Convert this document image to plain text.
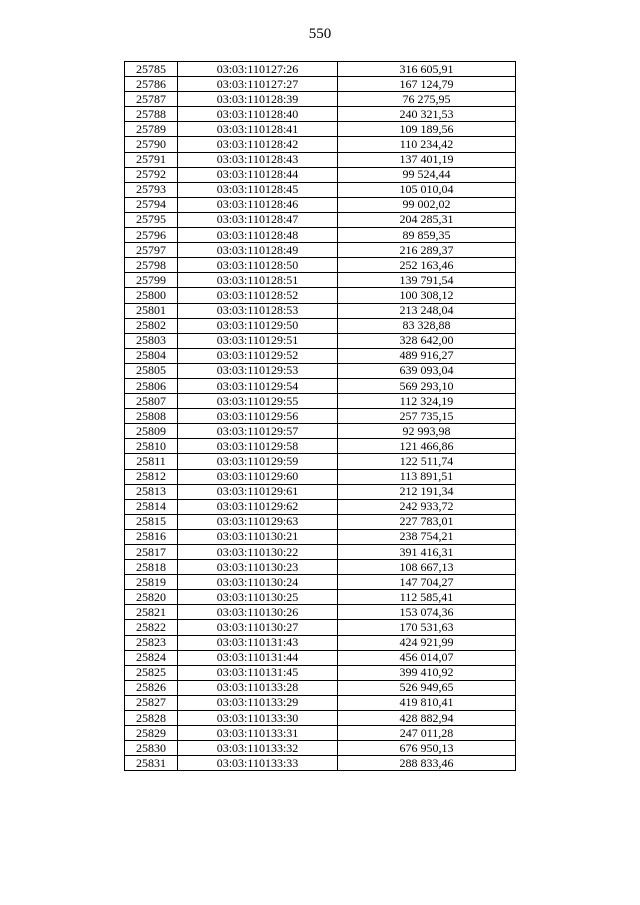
550
25785	03:03:110127:26	316 605,91
25786	03:03:110127:27	167 124,79
25787	03:03:110128:39	76 275,95
25788	03:03:110128:40	240 321,53
25789	03:03:110128:41	109 189,56
25790	03:03:110128:42	110 234,42
25791	03:03:110128:43	137 401,19
25792	03:03:110128:44	99 524,44
25793	03:03:110128:45	105 010,04
25794	03:03:110128:46	99 002,02
25795	03:03:110128:47	204 285,31
25796	03:03:110128:48	89 859,35
25797	03:03:110128:49	216 289,37
25798	03:03:110128:50	252 163,46
25799	03:03:110128:51	139 791,54
25800	03:03:110128:52	100 308,12
25801	03:03:110128:53	213 248,04
25802	03:03:110129:50	83 328,88
25803	03:03:110129:51	328 642,00
25804	03:03:110129:52	489 916,27
25805	03:03:110129:53	639 093,04
25806	03:03:110129:54	569 293,10
25807	03:03:110129:55	112 324,19
25808	03:03:110129:56	257 735,15
25809	03:03:110129:57	92 993,98
25810	03:03:110129:58	121 466,86
25811	03:03:110129:59	122 511,74
25812	03:03:110129:60	113 891,51
25813	03:03:110129:61	212 191,34
25814	03:03:110129:62	242 933,72
25815	03:03:110129:63	227 783,01
25816	03:03:110130:21	238 754,21
25817	03:03:110130:22	391 416,31
25818	03:03:110130:23	108 667,13
25819	03:03:110130:24	147 704,27
25820	03:03:110130:25	112 585,41
25821	03:03:110130:26	153 074,36
25822	03:03:110130:27	170 531,63
25823	03:03:110131:43	424 921,99
25824	03:03:110131:44	456 014,07
25825	03:03:110131:45	399 410,92
25826	03:03:110133:28	526 949,65
25827	03:03:110133:29	419 810,41
25828	03:03:110133:30	428 882,94
25829	03:03:110133:31	247 011,28
25830	03:03:110133:32	676 950,13
25831	03:03:110133:33	288 833,46
